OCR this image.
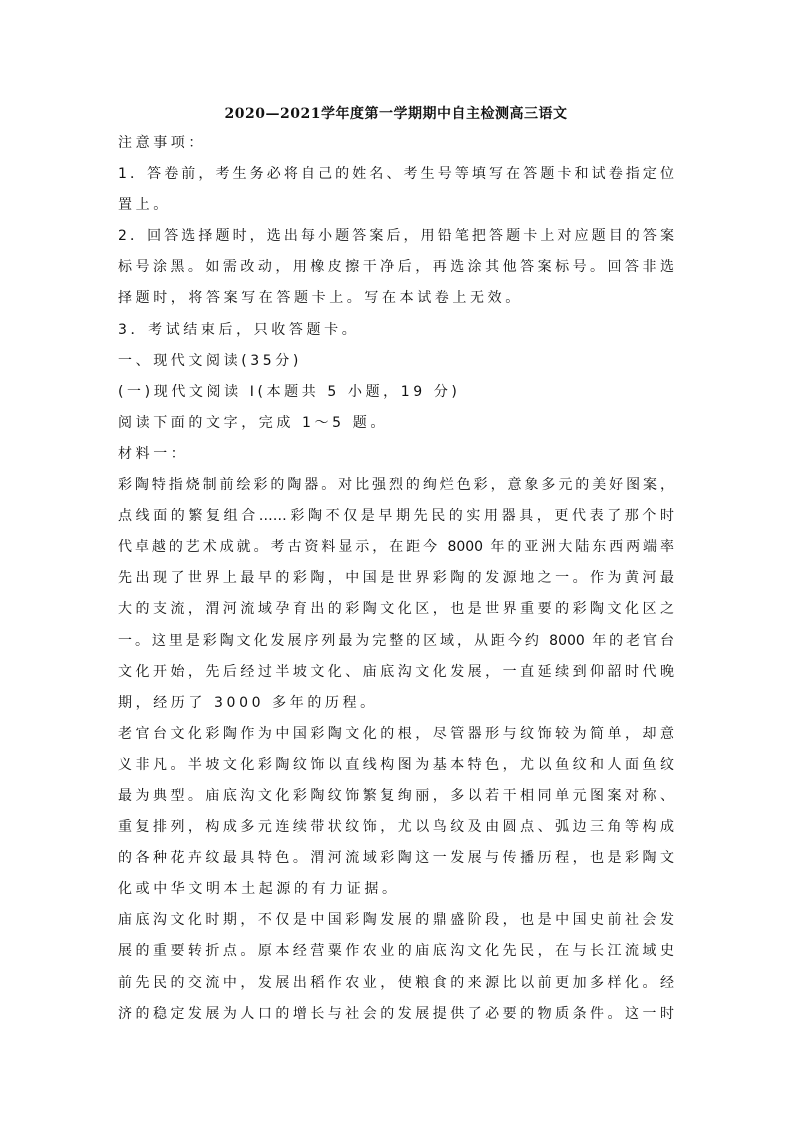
2020—2021学年度第一学期期中自主检测高三语文
注意事项：
1．答卷前，考生务必将自己的姓名、考生号等填写在答题卡和试卷指定位
置上。
2．回答选择题时，选出每小题答案后，用铅笔把答题卡上对应题目的答案
标号涂黑。如需改动，用橡皮擦干净后，再选涂其他答案标号。回答非选
择题时，将答案写在答题卡上。写在本试卷上无效。
3．考试结束后，只收答题卡。
一、现代文阅读(35分)
(一)现代文阅读 I(本题共 5 小题，19 分)
阅读下面的文字，完成 1～5 题。
材料一：
彩陶特指烧制前绘彩的陶器。对比强烈的绚烂色彩，意象多元的美好图案，
点线面的繁复组合……彩陶不仅是早期先民的实用器具，更代表了那个时
代卓越的艺术成就。考古资料显示，在距今 8000 年的亚洲大陆东西两端率
先出现了世界上最早的彩陶，中国是世界彩陶的发源地之一。作为黄河最
大的支流，渭河流域孕育出的彩陶文化区，也是世界重要的彩陶文化区之
一。这里是彩陶文化发展序列最为完整的区域，从距今约 8000 年的老官台
文化开始，先后经过半坡文化、庙底沟文化发展，一直延续到仰韶时代晚
期，经历了 3000 多年的历程。
老官台文化彩陶作为中国彩陶文化的根，尽管器形与纹饰较为简单，却意
义非凡。半坡文化彩陶纹饰以直线构图为基本特色，尤以鱼纹和人面鱼纹
最为典型。庙底沟文化彩陶纹饰繁复绚丽，多以若干相同单元图案对称、
重复排列，构成多元连续带状纹饰，尤以鸟纹及由圆点、弧边三角等构成
的各种花卉纹最具特色。渭河流域彩陶这一发展与传播历程，也是彩陶文
化或中华文明本土起源的有力证据。
庙底沟文化时期，不仅是中国彩陶发展的鼎盛阶段，也是中国史前社会发
展的重要转折点。原本经营粟作农业的庙底沟文化先民，在与长江流域史
前先民的交流中，发展出稻作农业，使粮食的来源比以前更加多样化。经
济的稳定发展为人口的增长与社会的发展提供了必要的物质条件。这一时
